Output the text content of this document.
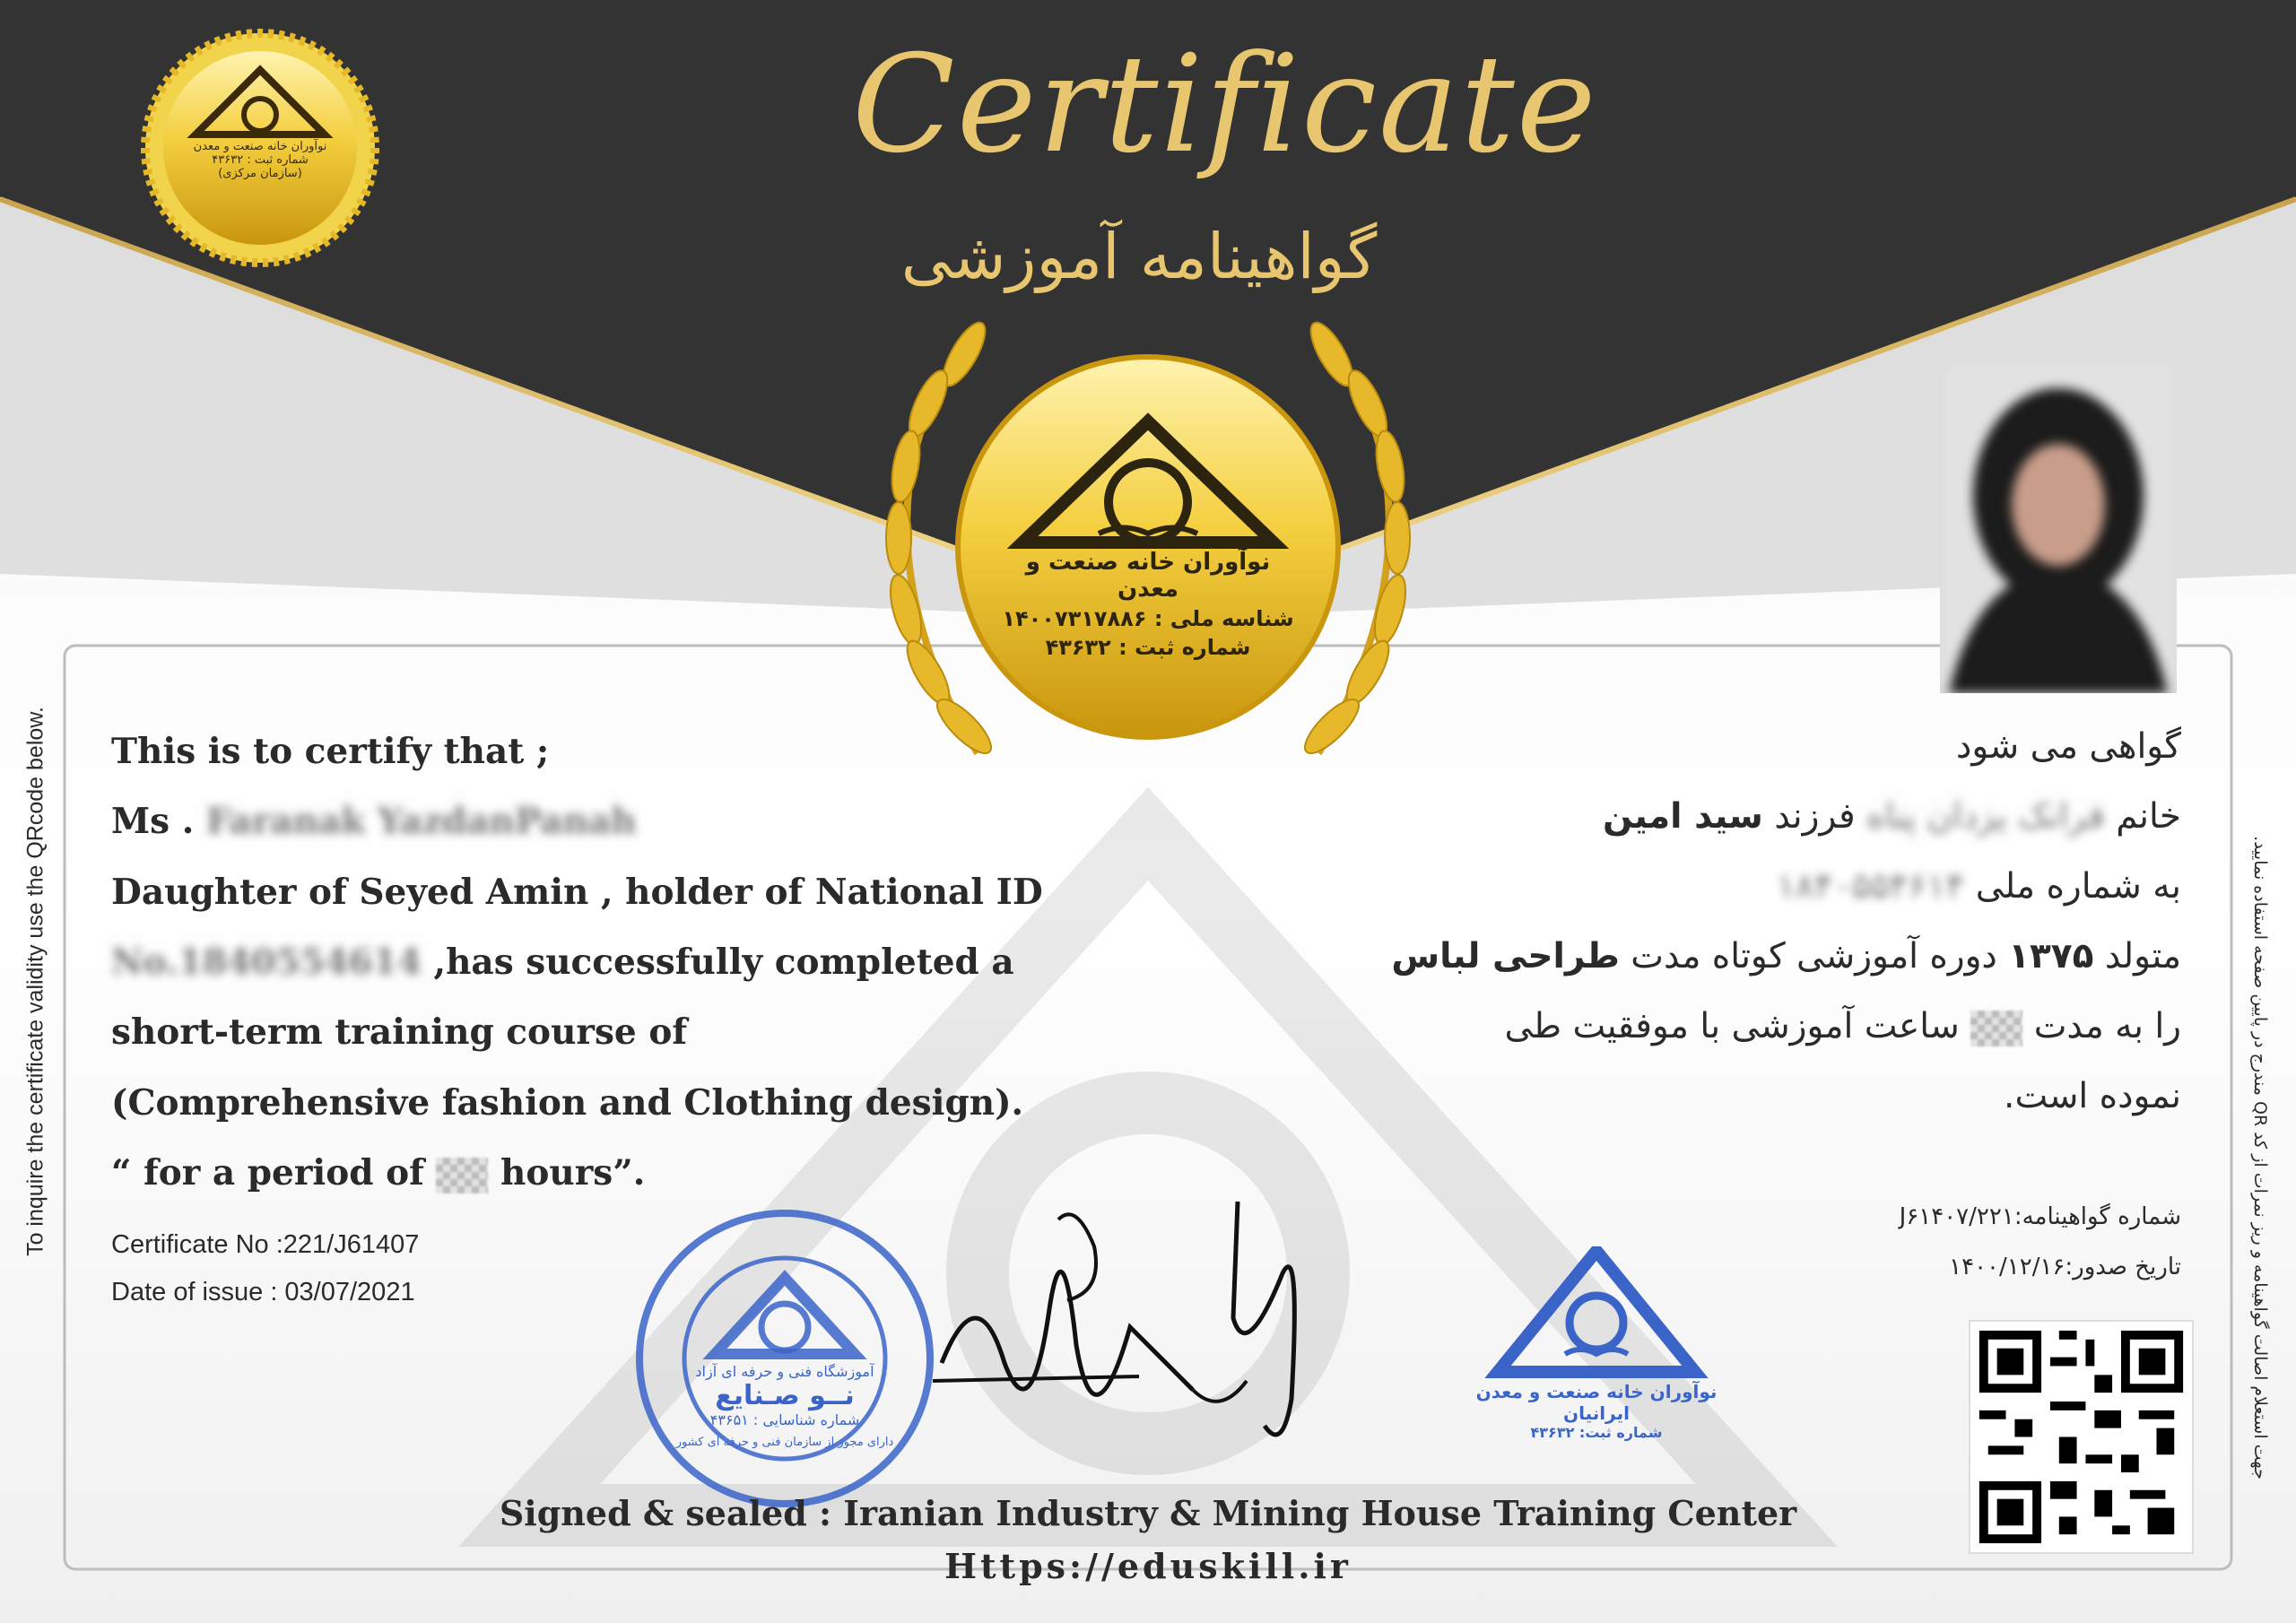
نوآوران خانه صنعت و معدن
شناسه ملی : ۱۴۰۰۷۳۱۷۸۸۶
شماره ثبت : ۴۳۶۳۲
نوآوران خانه صنعت و معدن
شماره ثبت : ۴۳۶۳۲
(سازمان مرکزی)	Certificate
گواهینامه آموزشی
This is to certify that ;
Ms . Faranak YazdanPanah
Daughter of Seyed Amin , holder of National ID
No.1840554614 ,has successfully completed a
short-term training course of
(Comprehensive fashion and Clothing design).
“ for a period of hours”.
Certificate No :221/J61407
Date of issue : 03/07/2021
گواهی می شود
خانم فرانک یزدان پناه فرزند سید امین
به شماره ملی ۱۸۴۰۵۵۴۶۱۴
متولد ۱۳۷۵ دوره آموزشی کوتاه مدت طراحی لباس
را به مدت  ساعت آموزشی با موفقیت طی
نموده است.
شماره گواهینامه:۲۲۱/J۶۱۴۰۷
تاریخ صدور:۱۴۰۰/۱۲/۱۶
آموزشگاه فنی و حرفه ای آزاد
نــو صـنایع
شماره شناسایی : ۴۳۶۵۱
دارای مجوز از سازمان فنی و حرفه ای کشور
نوآوران خانه صنعت و معدن ایرانیان
شماره ثبت: ۴۳۶۳۲
Signed & sealed : Iranian Industry & Mining House Training Center
Https://eduskill.ir
To inquire the certificate validity use the QRcode below.	جهت استعلام اصالت گواهینامه و ریز نمرات از کد QR مندرج در پایین صفحه استفاده نمایید.
